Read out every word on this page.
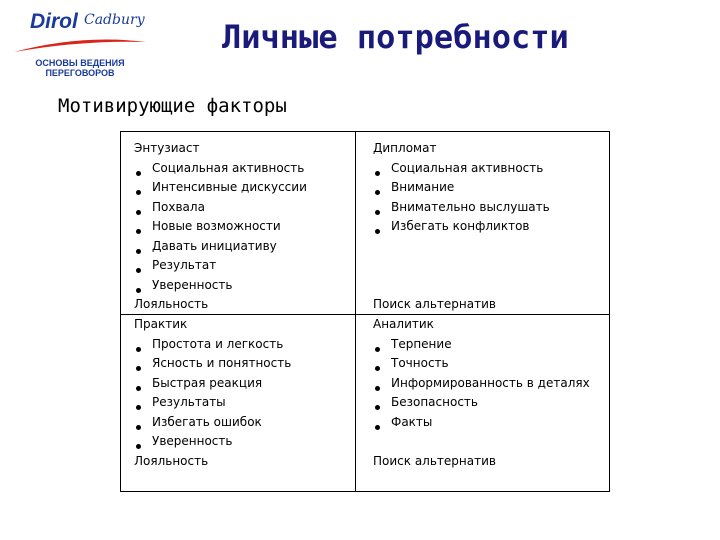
Dirol Cadbury
ОСНОВЫ ВЕДЕНИЯ
ПЕРЕГОВОРОВ
Личные потребности
Мотивирующие факторы
Энтузиаст
Социальная активность
Интенсивные дискуссии
Похвала
Новые возможности
Давать инициативу
Результат
Уверенность
Лояльность
Дипломат
Социальная активность
Внимание
Внимательно выслушать
Избегать конфликтов
Поиск альтернатив
Практик
Простота и легкость
Ясность и понятность
Быстрая реакция
Результаты
Избегать ошибок
Уверенность
Лояльность
Аналитик
Терпение
Точность
Информированность в деталях
Безопасность
Факты
Поиск альтернатив
